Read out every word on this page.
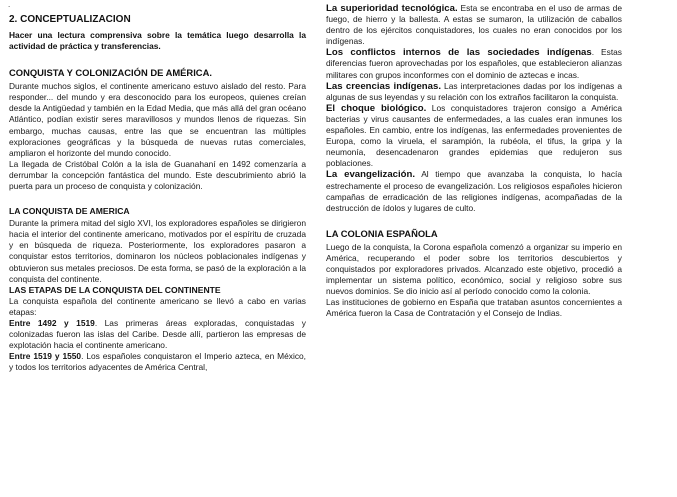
.

2. CONCEPTUALIZACION

Hacer una lectura comprensiva sobre la temática luego desarrolla la actividad de práctica y transferencias.

CONQUISTA Y COLONIZACIÓN DE AMÉRICA.

Durante muchos siglos, el continente americano estuvo aislado del resto. Para responder... del mundo y era desconocido para los europeos, quienes creían desde la Antigüedad y también en la Edad Media, que más allá del gran océano Atlántico, podían existir seres maravillosos y mundos llenos de riquezas. Sin embargo, muchas causas, entre las que se encuentran las múltiples exploraciones geográficas y la búsqueda de nuevas rutas comerciales, ampliaron el horizonte del mundo conocido.

La llegada de Cristóbal Colón a la isla de Guanahaní en 1492 comenzaría a derrumbar la concepción fantástica del mundo. Este descubrimiento abrió la puerta para un proceso de conquista y colonización.

LA CONQUISTA DE AMERICA

Durante la primera mitad del siglo XVI, los exploradores españoles se dirigieron hacia el interior del continente americano, motivados por el espíritu de cruzada y en búsqueda de riqueza. Posteriormente, los exploradores pasaron a conquistar estos territorios, dominaron los núcleos poblacionales indígenas y obtuvieron sus metales preciosos. De esta forma, se pasó de la exploración a la conquista del continente.

LAS ETAPAS DE LA CONQUISTA DEL CONTINENTE

La conquista española del continente americano se llevó a cabo en varias etapas:

Entre 1492 y 1519. Las primeras áreas exploradas, conquistadas y colonizadas fueron las islas del Caribe. Desde allí, partieron las empresas de explotación hacia el continente americano.

Entre 1519 y 1550. Los españoles conquistaron el Imperio azteca, en México, y todos los territorios adyacentes de América Central,

La superioridad tecnológica. Esta se encontraba en el uso de armas de fuego, de hierro y la ballesta. A estas se sumaron, la utilización de caballos dentro de los ejércitos conquistadores, los cuales no eran conocidos por los indígenas.

Los conflictos internos de las sociedades indígenas. Estas diferencias fueron aprovechadas por los españoles, que establecieron alianzas militares con grupos inconformes con el dominio de aztecas e incas.

Las creencias indígenas. Las interpretaciones dadas por los indígenas a algunas de sus leyendas y su relación con los extraños facilitaron la conquista.

El choque biológico. Los conquistadores trajeron consigo a América bacterias y virus causantes de enfermedades, a las cuales eran inmunes los españoles. En cambio, entre los indígenas, las enfermedades provenientes de Europa, como la viruela, el sarampión, la rubéola, el tifus, la gripa y la neumonía, desencadenaron grandes epidemias que redujeron sus poblaciones.

La evangelización. Al tiempo que avanzaba la conquista, lo hacía estrechamente el proceso de evangelización. Los religiosos españoles hicieron campañas de erradicación de las religiones indígenas, acompañadas de la destrucción de ídolos y lugares de culto.

LA COLONIA ESPAÑOLA

Luego de la conquista, la Corona española comenzó a organizar su imperio en América, recuperando el poder sobre los territorios descubiertos y conquistados por exploradores privados. Alcanzado este objetivo, procedió a implementar un sistema político, económico, social y religioso sobre sus nuevos dominios. Se dio inicio así al período conocido como la colonia.

Las instituciones de gobierno en España que trataban asuntos concernientes a América fueron la Casa de Contratación y el Consejo de Indias.
